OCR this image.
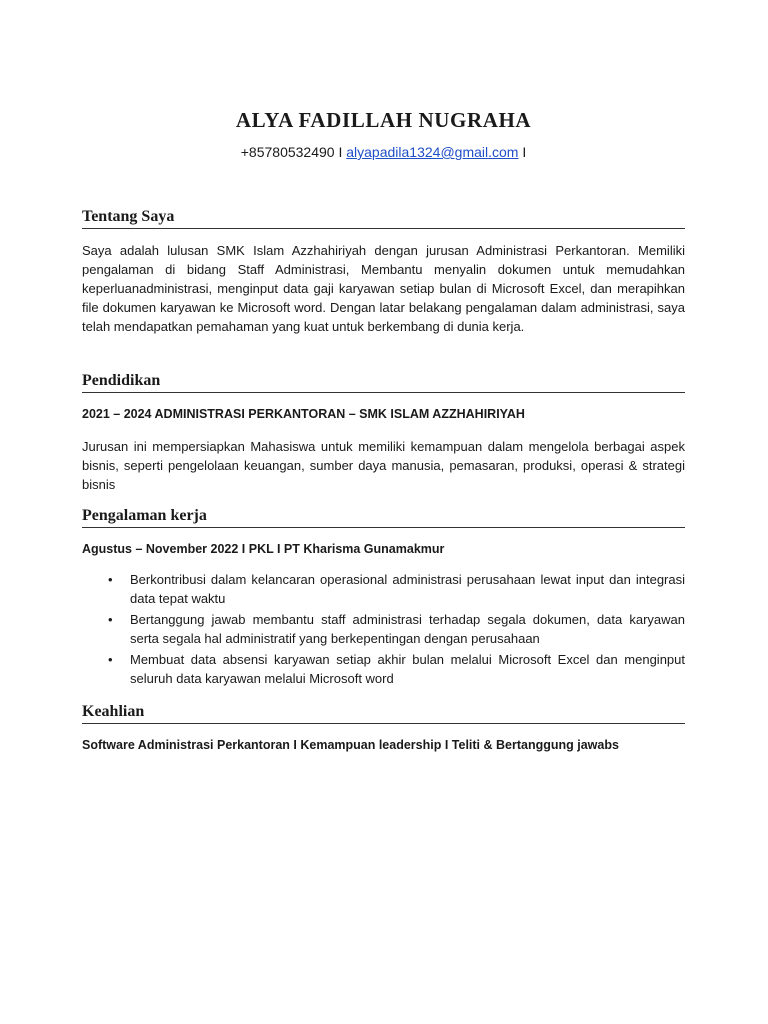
ALYA FADILLAH NUGRAHA

+85780532490 I alyapadila1324@gmail.com I

Tentang Saya

Saya adalah lulusan SMK Islam Azzhahiriyah dengan jurusan Administrasi Perkantoran. Memiliki pengalaman di bidang Staff Administrasi, Membantu menyalin dokumen untuk memudahkan keperluanadministrasi, menginput data gaji karyawan setiap bulan di Microsoft Excel, dan merapihkan file dokumen karyawan ke Microsoft word. Dengan latar belakang pengalaman dalam administrasi, saya telah mendapatkan pemahaman yang kuat untuk berkembang di dunia kerja.

Pendidikan

2021 – 2024 ADMINISTRASI PERKANTORAN – SMK ISLAM AZZHAHIRIYAH

Jurusan ini mempersiapkan Mahasiswa untuk memiliki kemampuan dalam mengelola berbagai aspek bisnis, seperti pengelolaan keuangan, sumber daya manusia, pemasaran, produksi, operasi & strategi bisnis

Pengalaman kerja

Agustus – November 2022 I PKL I PT Kharisma Gunamakmur

• Berkontribusi dalam kelancaran operasional administrasi perusahaan lewat input dan integrasi data tepat waktu
• Bertanggung jawab membantu staff administrasi terhadap segala dokumen, data karyawan serta segala hal administratif yang berkepentingan dengan perusahaan
• Membuat data absensi karyawan setiap akhir bulan melalui Microsoft Excel dan menginput seluruh data karyawan melalui Microsoft word
Keahlian

Software Administrasi Perkantoran I Kemampuan leadership I Teliti & Bertanggung jawabs
